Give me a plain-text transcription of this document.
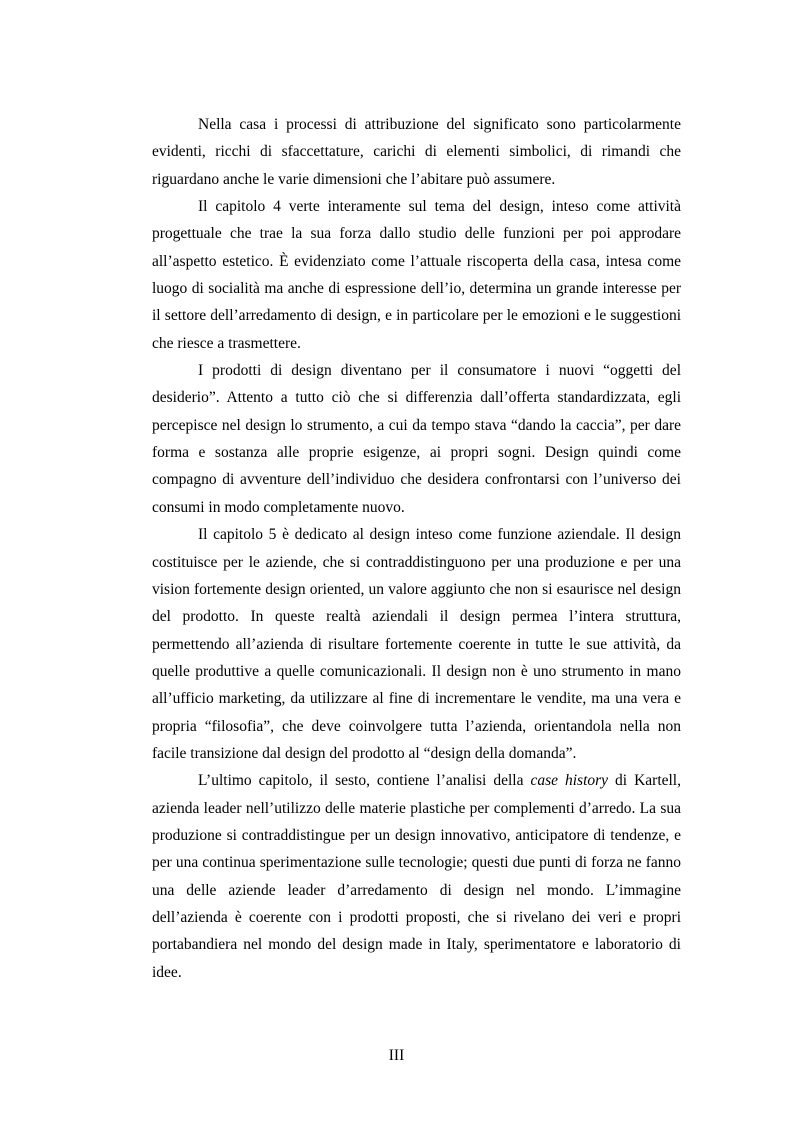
Nella casa i processi di attribuzione del significato sono particolarmente evidenti, ricchi di sfaccettature, carichi di elementi simbolici, di rimandi che riguardano anche le varie dimensioni che l’abitare può assumere.

Il capitolo 4 verte interamente sul tema del design, inteso come attività progettuale che trae la sua forza dallo studio delle funzioni per poi approdare all’aspetto estetico. È evidenziato come l’attuale riscoperta della casa, intesa come luogo di socialità ma anche di espressione dell’io, determina un grande interesse per il settore dell’arredamento di design, e in particolare per le emozioni e le suggestioni che riesce a trasmettere.

I prodotti di design diventano per il consumatore i nuovi “oggetti del desiderio”. Attento a tutto ciò che si differenzia dall’offerta standardizzata, egli percepisce nel design lo strumento, a cui da tempo stava “dando la caccia”, per dare forma e sostanza alle proprie esigenze, ai propri sogni. Design quindi come compagno di avventure dell’individuo che desidera confrontarsi con l’universo dei consumi in modo completamente nuovo.

Il capitolo 5 è dedicato al design inteso come funzione aziendale. Il design costituisce per le aziende, che si contraddistinguono per una produzione e per una vision fortemente design oriented, un valore aggiunto che non si esaurisce nel design del prodotto. In queste realtà aziendali il design permea l’intera struttura, permettendo all’azienda di risultare fortemente coerente in tutte le sue attività, da quelle produttive a quelle comunicazionali. Il design non è uno strumento in mano all’ufficio marketing, da utilizzare al fine di incrementare le vendite, ma una vera e propria “filosofia”, che deve coinvolgere tutta l’azienda, orientandola nella non facile transizione dal design del prodotto al “design della domanda”.

L’ultimo capitolo, il sesto, contiene l’analisi della case history di Kartell, azienda leader nell’utilizzo delle materie plastiche per complementi d’arredo. La sua produzione si contraddistingue per un design innovativo, anticipatore di tendenze, e per una continua sperimentazione sulle tecnologie; questi due punti di forza ne fanno una delle aziende leader d’arredamento di design nel mondo. L’immagine dell’azienda è coerente con i prodotti proposti, che si rivelano dei veri e propri portabandiera nel mondo del design made in Italy, sperimentatore e laboratorio di idee.

III
